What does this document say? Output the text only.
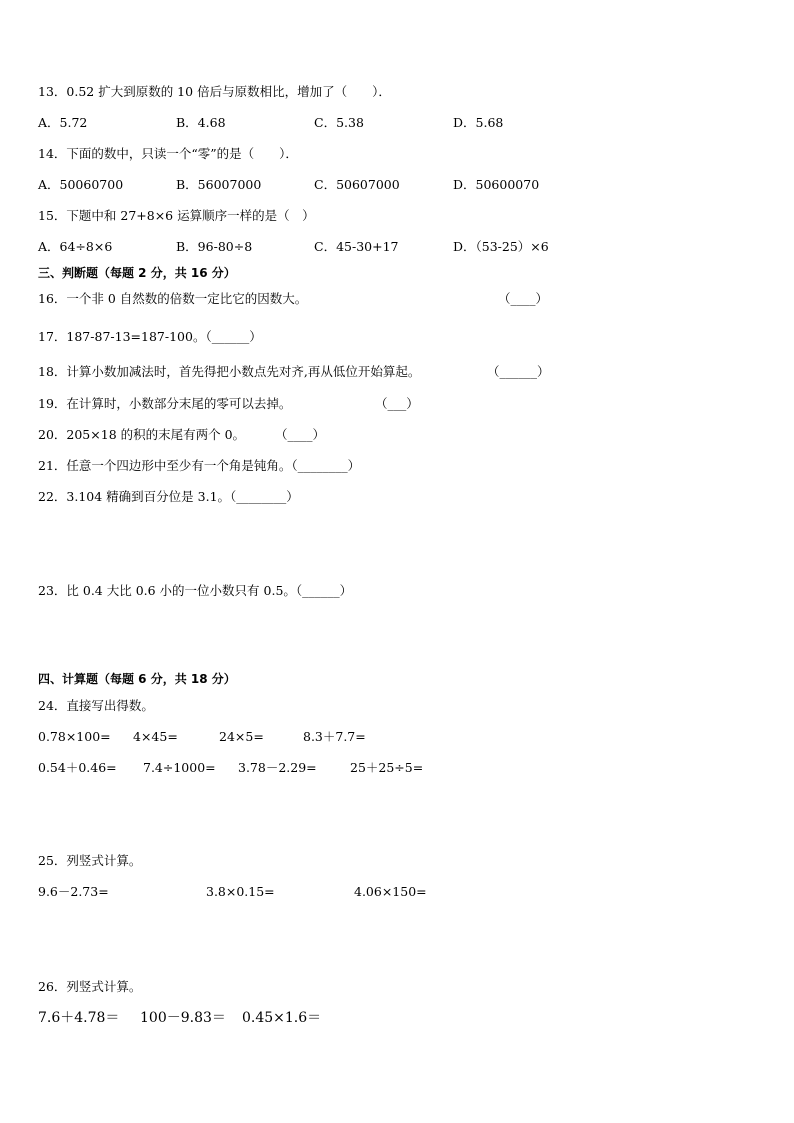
13．0.52 扩大到原数的 10 倍后与原数相比，增加了（　　）．
A．5.72	B．4.68	C．5.38	D．5.68
14．下面的数中，只读一个“零”的是（　　）．
A．50060700	B．56007000	C．50607000	D．50600070
15．下题中和 27+8×6 运算顺序一样的是（　）
A．64÷8×6	B．96-80÷8	C．45-30+17	D．（53-25）×6
三、判断题（每题 2 分，共 16 分）
16．一个非 0 自然数的倍数一定比它的因数大。	（____）
17．187-87-13=187-100。（______）
18．计算小数加减法时，首先得把小数点先对齐,再从低位开始算起。	（______）
19．在计算时，小数部分末尾的零可以去掉。	（___）
20．205×18 的积的末尾有两个 0。 （____）
21．任意一个四边形中至少有一个角是钝角。（________）
22．3.104 精确到百分位是 3.1。（________）
23．比 0.4 大比 0.6 小的一位小数只有 0.5。（______）
四、计算题（每题 6 分，共 18 分）
24．直接写出得数。
0.78×100= 4×45=	24×5=	8.3＋7.7=
0.54＋0.46= 7.4÷1000= 3.78－2.29=	25＋25÷5=
25．列竖式计算。
9.6－2.73=	3.8×0.15=	4.06×150=
26．列竖式计算。
7.6＋4.78＝ 100－9.83＝ 0.45×1.6＝
